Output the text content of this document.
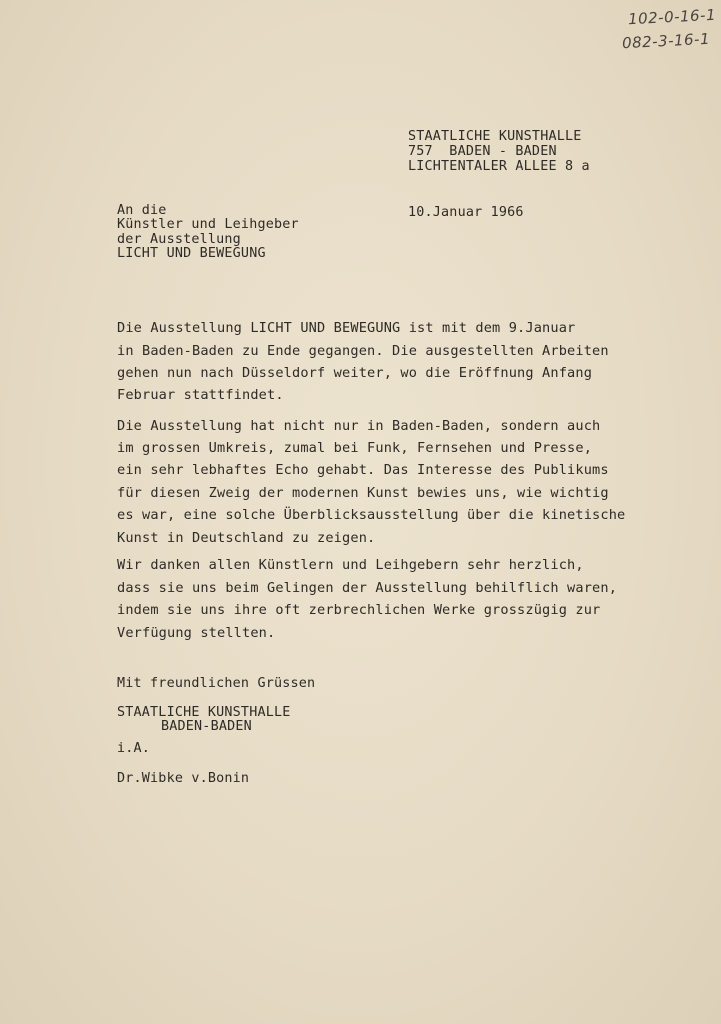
102-0-16-1
082-3-16-1
STAATLICHE KUNSTHALLE
757  BADEN - BADEN
LICHTENTALER ALLEE 8 a
An die
Künstler und Leihgeber
der Ausstellung
LICHT UND BEWEGUNG
10.Januar 1966
Die Ausstellung LICHT UND BEWEGUNG ist mit dem 9.Januar
in Baden-Baden zu Ende gegangen. Die ausgestellten Arbeiten
gehen nun nach Düsseldorf weiter, wo die Eröffnung Anfang
Februar stattfindet.
Die Ausstellung hat nicht nur in Baden-Baden, sondern auch
im grossen Umkreis, zumal bei Funk, Fernsehen und Presse,
ein sehr lebhaftes Echo gehabt. Das Interesse des Publikums
für diesen Zweig der modernen Kunst bewies uns, wie wichtig
es war, eine solche Überblicksausstellung über die kinetische
Kunst in Deutschland zu zeigen.
Wir danken allen Künstlern und Leihgebern sehr herzlich,
dass sie uns beim Gelingen der Ausstellung behilflich waren,
indem sie uns ihre oft zerbrechlichen Werke grosszügig zur
Verfügung stellten.
Mit freundlichen Grüssen
STAATLICHE KUNSTHALLE
BADEN-BADEN
i.A.
Dr.Wibke v.Bonin
